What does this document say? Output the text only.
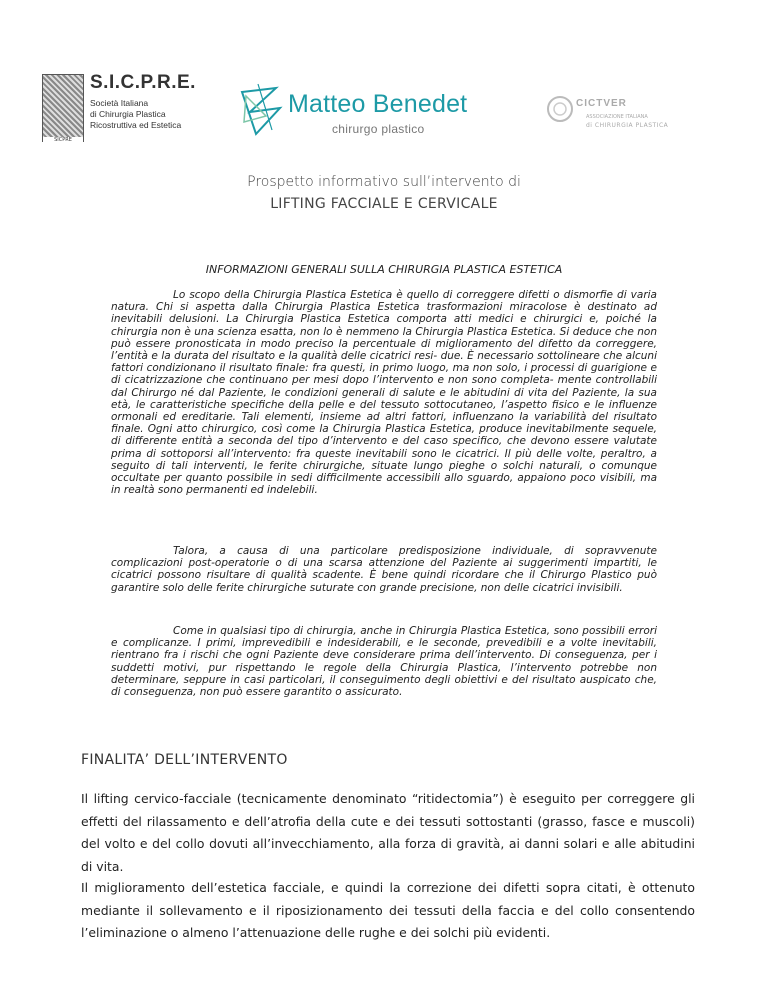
SICPRE
S.I.C.P.R.E.
Società Italiana
di Chirurgia Plastica
Ricostruttiva ed Estetica
Matteo Benedet
chirurgo plastico
CICTVER
ASSOCIAZIONE ITALIANA
di CHIRURGIA PLASTICA
Prospetto informativo sull’intervento di
LIFTING FACCIALE E CERVICALE
INFORMAZIONI GENERALI SULLA CHIRURGIA PLASTICA ESTETICA
Lo scopo della Chirurgia Plastica Estetica è quello di correggere difetti o dismorfie di varia natura. Chi si aspetta dalla Chirurgia Plastica Estetica trasformazioni miracolose è destinato ad inevitabili delusioni. La Chirurgia Plastica Estetica comporta atti medici e chirurgici e, poiché la chirurgia non è una scienza esatta, non lo è nemmeno la Chirurgia Plastica Estetica. Si deduce che non può essere pronosticata in modo preciso la percentuale di miglioramento del difetto da correggere, l’entità e la durata del risultato e la qualità delle cicatrici resi- due. È necessario sottolineare che alcuni fattori condizionano il risultato finale: fra questi, in primo luogo, ma non solo, i processi di guarigione e di cicatrizzazione che continuano per mesi dopo l’intervento e non sono completa- mente controllabili dal Chirurgo né dal Paziente, le condizioni generali di salute e le abitudini di vita del Paziente, la sua età, le caratteristiche specifiche della pelle e del tessuto sottocutaneo, l’aspetto fisico e le influenze ormonali ed ereditarie. Tali elementi, insieme ad altri fattori, influenzano la variabilità del risultato finale. Ogni atto chirurgico, così come la Chirurgia Plastica Estetica, produce inevitabilmente sequele, di differente entità a seconda del tipo d’intervento e del caso specifico, che devono essere valutate prima di sottoporsi all’intervento: fra queste inevitabili sono le cicatrici. Il più delle volte, peraltro, a seguito di tali interventi, le ferite chirurgiche, situate lungo pieghe o solchi naturali, o comunque occultate per quanto possibile in sedi difficilmente accessibili allo sguardo, appaiono poco visibili, ma in realtà sono permanenti ed indelebili.
Talora, a causa di una particolare predisposizione individuale, di sopravvenute complicazioni post-operatorie o di una scarsa attenzione del Paziente ai suggerimenti impartiti, le cicatrici possono risultare di qualità scadente. È bene quindi ricordare che il Chirurgo Plastico può garantire solo delle ferite chirurgiche suturate con grande precisione, non delle cicatrici invisibili.
Come in qualsiasi tipo di chirurgia, anche in Chirurgia Plastica Estetica, sono possibili errori e complicanze. I primi, imprevedibili e indesiderabili, e le seconde, prevedibili e a volte inevitabili, rientrano fra i rischi che ogni Paziente deve considerare prima dell’intervento. Di conseguenza, per i suddetti motivi, pur rispettando le regole della Chirurgia Plastica, l’intervento potrebbe non determinare, seppure in casi particolari, il conseguimento degli obiettivi e del risultato auspicato che, di conseguenza, non può essere garantito o assicurato.
FINALITA’ DELL’INTERVENTO
Il lifting cervico-facciale (tecnicamente denominato “ritidectomia”) è eseguito per correggere gli effetti del rilassamento e dell’atrofia della cute e dei tessuti sottostanti (grasso, fasce e muscoli) del volto e del collo dovuti all’invecchiamento, alla forza di gravità, ai danni solari e alle abitudini di vita.
Il miglioramento dell’estetica facciale, e quindi la correzione dei difetti sopra citati, è ottenuto mediante il sollevamento e il riposizionamento dei tessuti della faccia e del collo consentendo l’eliminazione o almeno l’attenuazione delle rughe e dei solchi più evidenti.
